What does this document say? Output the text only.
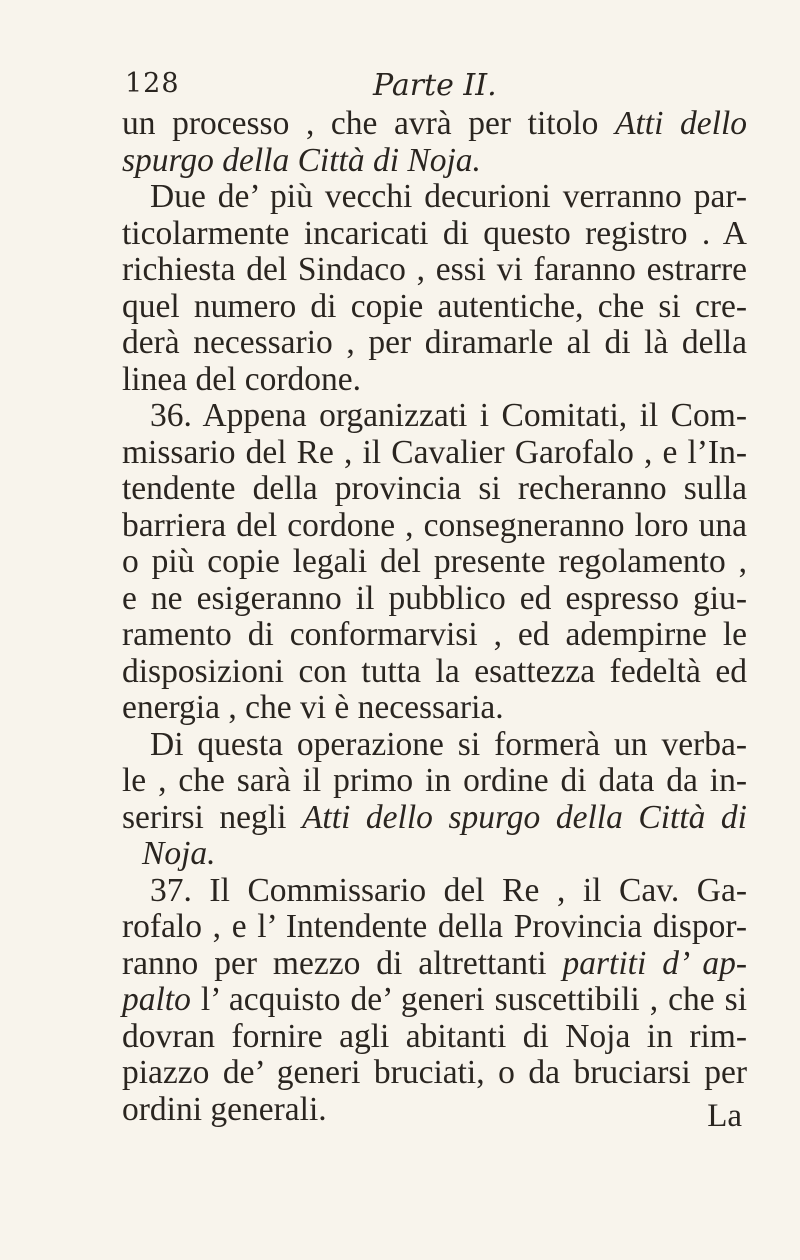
128	Parte II.
un processo , che avrà per titolo Atti dello
spurgo della Città di Noja.
Due de’ più vecchi decurioni verranno par-
ticolarmente incaricati di questo registro . A
richiesta del Sindaco , essi vi faranno estrarre
quel numero di copie autentiche, che si cre-
derà necessario , per diramarle al di là della
linea del cordone.
36. Appena organizzati i Comitati, il Com-
missario del Re , il Cavalier Garofalo , e l’In-
tendente della provincia si recheranno sulla
barriera del cordone , consegneranno loro una
o più copie legali del presente regolamento ,
e ne esigeranno il pubblico ed espresso giu-
ramento di conformarvisi , ed adempirne le
disposizioni con tutta la esattezza fedeltà ed
energia , che vi è necessaria.
Di questa operazione si formerà un verba-
le , che sarà il primo in ordine di data da in-
serirsi negli Atti dello spurgo della Città di
Noja.
37. Il Commissario del Re , il Cav. Ga-
rofalo , e l’ Intendente della Provincia dispor-
ranno per mezzo di altrettanti partiti d’ ap-
palto l’ acquisto de’ generi suscettibili , che si
dovran fornire agli abitanti di Noja in rim-
piazzo de’ generi bruciati, o da bruciarsi per
ordini generali.	La
